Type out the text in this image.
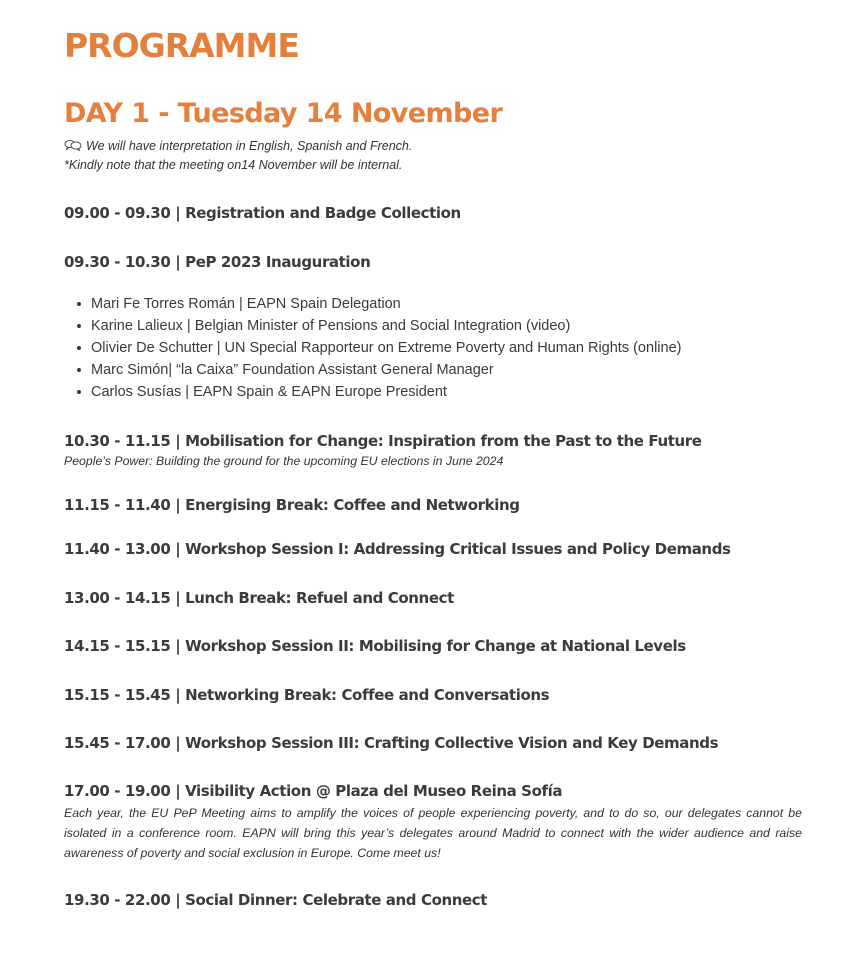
PROGRAMME
DAY 1 - Tuesday 14 November
We will have interpretation in English, Spanish and French.
*Kindly note that the meeting on14 November will be internal.
09.00 - 09.30 | Registration and Badge Collection
09.30 - 10.30 | PeP 2023 Inauguration
Mari Fe Torres Román | EAPN Spain Delegation
Karine Lalieux | Belgian Minister of Pensions and Social Integration (video)
Olivier De Schutter | UN Special Rapporteur on Extreme Poverty and Human Rights (online)
Marc Simón| “la Caixa” Foundation Assistant General Manager
Carlos Susías | EAPN Spain & EAPN Europe President
10.30 - 11.15 | Mobilisation for Change: Inspiration from the Past to the Future
People’s Power: Building the ground for the upcoming EU elections in June 2024
11.15 - 11.40 | Energising Break: Coffee and Networking
11.40 - 13.00 | Workshop Session I: Addressing Critical Issues and Policy Demands
13.00 - 14.15 | Lunch Break: Refuel and Connect
14.15 - 15.15 | Workshop Session II: Mobilising for Change at National Levels
15.15 - 15.45 | Networking Break: Coffee and Conversations
15.45 - 17.00 | Workshop Session III: Crafting Collective Vision and Key Demands
17.00 - 19.00 | Visibility Action @ Plaza del Museo Reina Sofía
Each year, the EU PeP Meeting aims to amplify the voices of people experiencing poverty, and to do so, our delegates cannot be isolated in a conference room. EAPN will bring this year’s delegates around Madrid to connect with the wider audience and raise awareness of poverty and social exclusion in Europe. Come meet us!
19.30 - 22.00 | Social Dinner: Celebrate and Connect
